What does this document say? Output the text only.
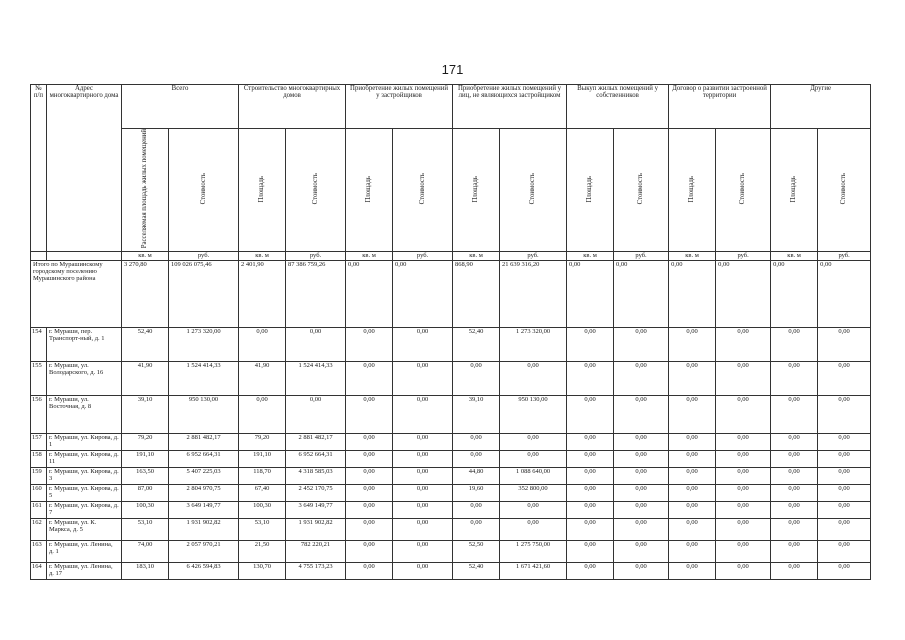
171
№ п/п	Адрес многоквартирного дома	Всего		Строительство многоквартирных домов		Приобретение жилых помещений у застройщиков		Приобретение жилых помещений у лиц, не являющихся застройщиком		Выкуп жилых помещений у собственников		Договор о развитии застроенной территории		Другие	
		Расселяемая площадь жилых помещений	Стоимость	Площадь	Стоимость	Площадь	Стоимость	Площадь	Стоимость	Площадь	Стоимость	Площадь	Стоимость	Площадь	Стоимость
		кв. м	руб.	кв. м	руб.	кв. м	руб.	кв. м	руб.	кв. м	руб.	кв. м	руб.	кв. м	руб.
Итого по Мурашинскому городскому поселению Мурашинского района		3 270,80	109 026 075,46	2 401,90	87 386 759,26	0,00	0,00	868,90	21 639 316,20	0,00	0,00	0,00	0,00	0,00	0,00
154	г. Мураши, пер. Транспорт-ный, д. 1	52,40	1 273 320,00	0,00	0,00	0,00	0,00	52,40	1 273 320,00	0,00	0,00	0,00	0,00	0,00	0,00
155	г. Мураши, ул. Володарского, д. 16	41,90	1 524 414,33	41,90	1 524 414,33	0,00	0,00	0,00	0,00	0,00	0,00	0,00	0,00	0,00	0,00
156	г. Мураши, ул. Восточная, д. 8	39,10	950 130,00	0,00	0,00	0,00	0,00	39,10	950 130,00	0,00	0,00	0,00	0,00	0,00	0,00
157	г. Мураши, ул. Кирова, д. 1	79,20	2 881 482,17	79,20	2 881 482,17	0,00	0,00	0,00	0,00	0,00	0,00	0,00	0,00	0,00	0,00
158	г. Мураши, ул. Кирова, д. 11	191,10	6 952 664,31	191,10	6 952 664,31	0,00	0,00	0,00	0,00	0,00	0,00	0,00	0,00	0,00	0,00
159	г. Мураши, ул. Кирова, д. 3	163,50	5 407 225,03	118,70	4 318 585,03	0,00	0,00	44,80	1 088 640,00	0,00	0,00	0,00	0,00	0,00	0,00
160	г. Мураши, ул. Кирова, д. 5	87,00	2 804 970,75	67,40	2 452 170,75	0,00	0,00	19,60	352 800,00	0,00	0,00	0,00	0,00	0,00	0,00
161	г. Мураши, ул. Кирова, д. 7	100,30	3 649 149,77	100,30	3 649 149,77	0,00	0,00	0,00	0,00	0,00	0,00	0,00	0,00	0,00	0,00
162	г. Мураши, ул. К. Маркса, д. 5	53,10	1 931 902,82	53,10	1 931 902,82	0,00	0,00	0,00	0,00	0,00	0,00	0,00	0,00	0,00	0,00
163	г. Мураши, ул. Ленина, д. 1	74,00	2 057 970,21	21,50	782 220,21	0,00	0,00	52,50	1 275 750,00	0,00	0,00	0,00	0,00	0,00	0,00
164	г. Мураши, ул. Ленина, д. 17	183,10	6 426 594,83	130,70	4 755 173,23	0,00	0,00	52,40	1 671 421,60	0,00	0,00	0,00	0,00	0,00	0,00
